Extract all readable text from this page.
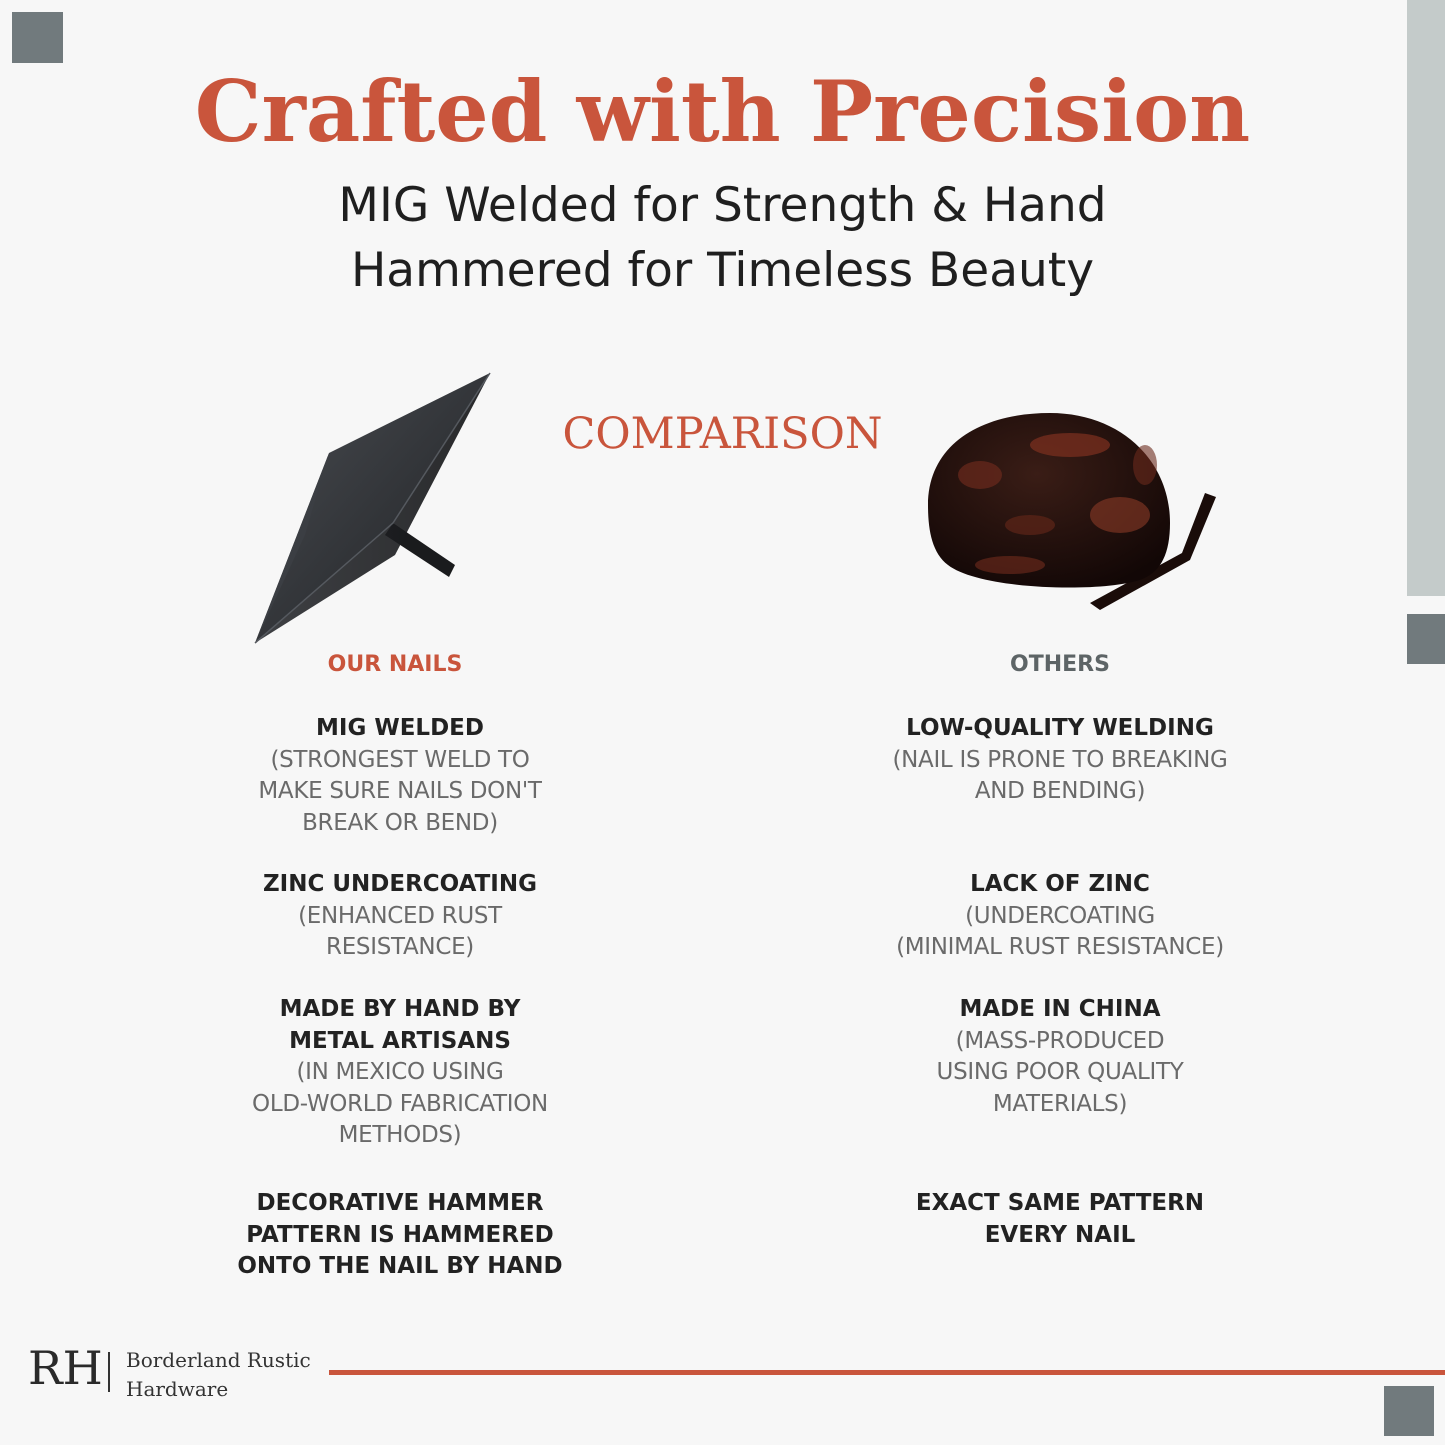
Crafted with Precision
MIG Welded for Strength & Hand
Hammered for Timeless Beauty
COMPARISON
OUR NAILS	OTHERS
MIG WELDED
(STRONGEST WELD TO
MAKE SURE NAILS DON'T
BREAK OR BEND)
ZINC UNDERCOATING
(ENHANCED RUST
RESISTANCE)
MADE BY HAND BY
METAL ARTISANS
(IN MEXICO USING
OLD-WORLD FABRICATION
METHODS)
DECORATIVE HAMMER
PATTERN IS HAMMERED
ONTO THE NAIL BY HAND
LOW-QUALITY WELDING
(NAIL IS PRONE TO BREAKING
AND BENDING)
LACK OF ZINC
(UNDERCOATING
(MINIMAL RUST RESISTANCE)
MADE IN CHINA
(MASS-PRODUCED
USING POOR QUALITY
MATERIALS)
EXACT SAME PATTERN
EVERY NAIL
RH Borderland Rustic
Hardware
